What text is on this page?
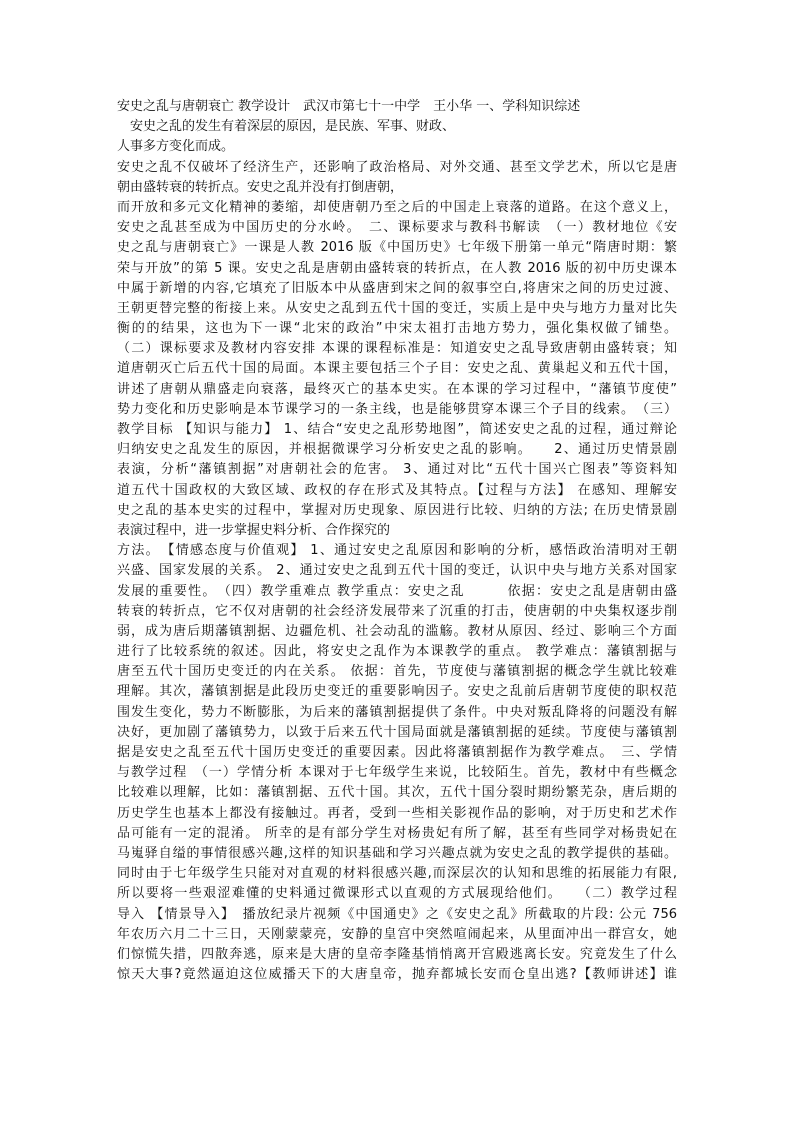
安史之乱与唐朝衰亡 教学设计　武汉市第七十一中学　王小华 一、学科知识综述
　安史之乱的发生有着深层的原因，是民族、军事、财政、
人事多方变化而成。
安史之乱不仅破坏了经济生产，还影响了政治格局、对外交通、甚至文学艺术，所以它是唐
朝由盛转衰的转折点。安史之乱并没有打倒唐朝，
而开放和多元文化精神的萎缩，却使唐朝乃至之后的中国走上衰落的道路。在这个意义上，
安史之乱甚至成为中国历史的分水岭。　二、课标要求与教科书解读　（一）教材地位《安
史之乱与唐朝衰亡》一课是人教 2016 版《中国历史》七年级下册第一单元“隋唐时期：繁
荣与开放”的第 5 课。安史之乱是唐朝由盛转衰的转折点，在人教 2016 版的初中历史课本
中属于新增的内容,它填充了旧版本中从盛唐到宋之间的叙事空白,将唐宋之间的历史过渡、
王朝更替完整的衔接上来。从安史之乱到五代十国的变迁，实质上是中央与地方力量对比失
衡的的结果，这也为下一课“北宋的政治”中宋太祖打击地方势力，强化集权做了铺垫。
（二）课标要求及教材内容安排 本课的课程标准是：知道安史之乱导致唐朝由盛转衰；知
道唐朝灭亡后五代十国的局面。本课主要包括三个子目：安史之乱、黄巢起义和五代十国，
讲述了唐朝从鼎盛走向衰落，最终灭亡的基本史实。在本课的学习过程中，“藩镇节度使”
势力变化和历史影响是本节课学习的一条主线，也是能够贯穿本课三个子目的线索。　（三）
教学目标 【知识与能力】 1、结合“安史之乱形势地图”，简述安史之乱的过程，通过辩论
归纳安史之乱发生的原因，并根据微课学习分析安史之乱的影响。　　2、通过历史情景剧
表演，分析“藩镇割据”对唐朝社会的危害。 3、通过对比“五代十国兴亡图表”等资料知
道五代十国政权的大致区域、政权的存在形式及其特点。【过程与方法】 在感知、理解安
史之乱的基本史实的过程中，掌握对历史现象、原因进行比较、归纳的方法; 在历史情景剧
表演过程中，进一步掌握史料分析、合作探究的
方法。　【情感态度与价值观】 1、通过安史之乱原因和影响的分析，感悟政治清明对王朝
兴盛、国家发展的关系。 2、通过安史之乱到五代十国的变迁，认识中央与地方关系对国家
发展的重要性。　（四）教学重难点 教学重点：安史之乱　　　依据：安史之乱是唐朝由盛
转衰的转折点，它不仅对唐朝的社会经济发展带来了沉重的打击，使唐朝的中央集权逐步削
弱，成为唐后期藩镇割据、边疆危机、社会动乱的滥觞。教材从原因、经过、影响三个方面
进行了比较系统的叙述。因此，将安史之乱作为本课教学的重点。 教学难点：藩镇割据与
唐至五代十国历史变迁的内在关系。 依据：首先，节度使与藩镇割据的概念学生就比较难
理解。其次，藩镇割据是此段历史变迁的重要影响因子。安史之乱前后唐朝节度使的职权范
围发生变化，势力不断膨胀，为后来的藩镇割据提供了条件。中央对叛乱降将的问题没有解
决好，更加剧了藩镇势力，以致于后来五代十国局面就是藩镇割据的延续。节度使与藩镇割
据是安史之乱至五代十国历史变迁的重要因素。因此将藩镇割据作为教学难点。　三、学情
与教学过程　（一）学情分析 本课对于七年级学生来说，比较陌生。首先，教材中有些概念
比较难以理解，比如：藩镇割据、五代十国。其次，五代十国分裂时期纷繁芜杂，唐后期的
历史学生也基本上都没有接触过。再者，受到一些相关影视作品的影响，对于历史和艺术作
品可能有一定的混淆。 所幸的是有部分学生对杨贵妃有所了解，甚至有些同学对杨贵妃在
马嵬驿自缢的事情很感兴趣,这样的知识基础和学习兴趣点就为安史之乱的教学提供的基础。
同时由于七年级学生只能对对直观的材料很感兴趣,而深层次的认知和思维的拓展能力有限,
所以要将一些艰涩难懂的史料通过微课形式以直观的方式展现给他们。　　（二）教学过程
导入 【情景导入】　播放纪录片视频《中国通史》之《安史之乱》所截取的片段: 公元 756
年农历六月二十三日，天刚蒙蒙亮，安静的皇宫中突然喧闹起来，从里面冲出一群宫女，她
们惊慌失措，四散奔逃，原来是大唐的皇帝李隆基悄悄离开宫殿逃离长安。究竟发生了什么
惊天大事?竟然逼迫这位威播天下的大唐皇帝，抛弃都城长安而仓皇出逃?【教师讲述】谁
